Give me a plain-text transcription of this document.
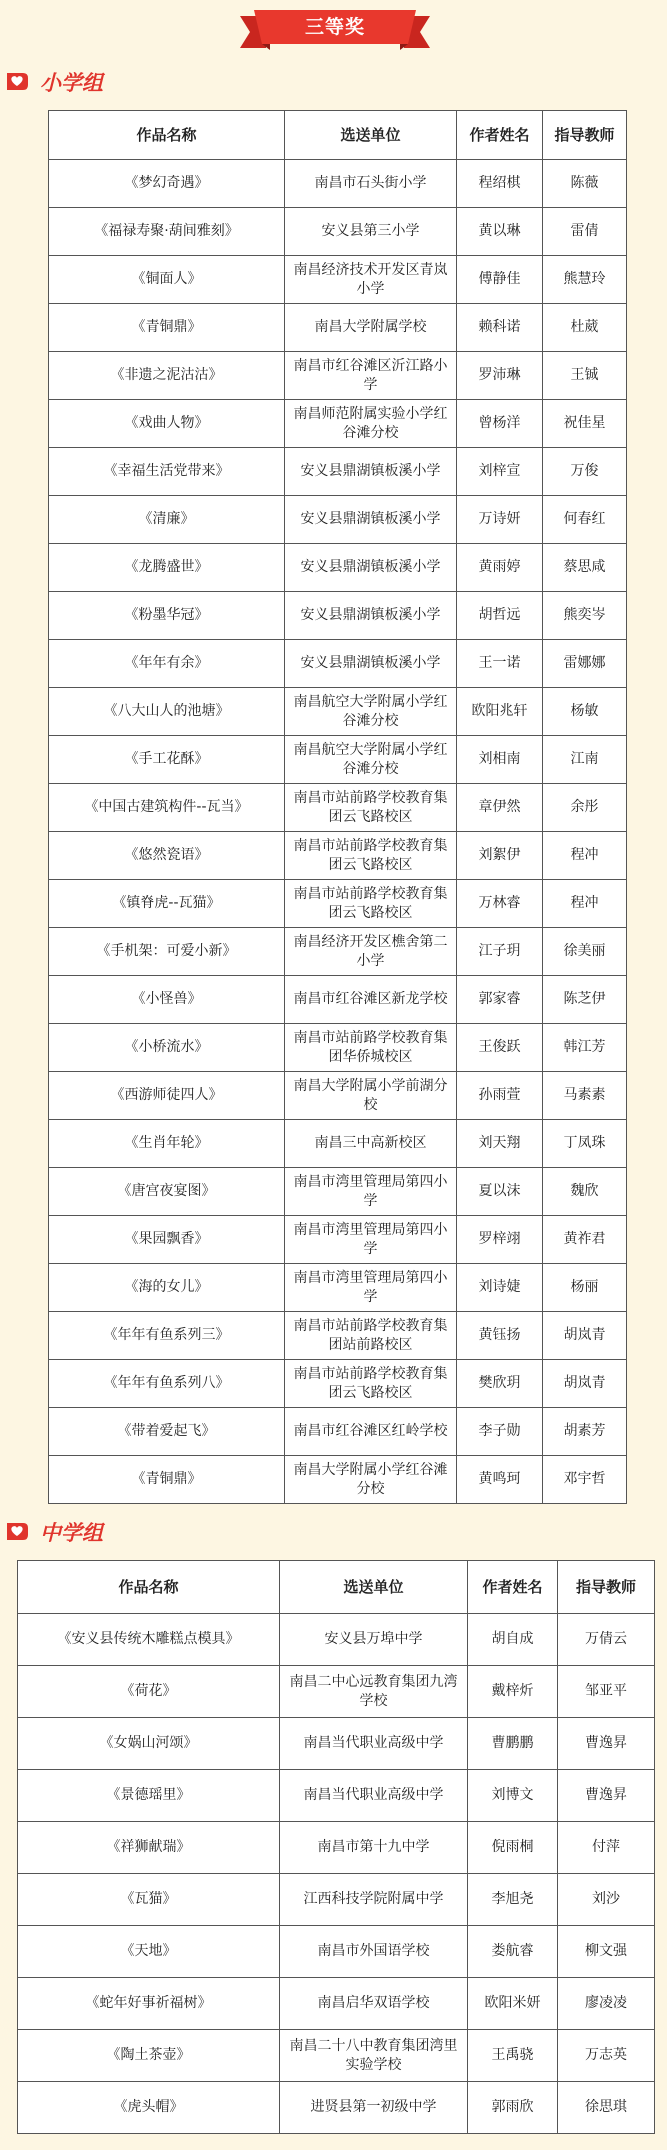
三等奖
小学组
作品名称	选送单位	作者姓名	指导教师
《梦幻奇遇》	南昌市石头街小学	程绍棋	陈薇
《福禄寿聚·葫间雅刻》	安义县第三小学	黄以琳	雷倩
《铜面人》	南昌经济技术开发区青岚小学	傅静佳	熊慧玲
《青铜鼎》	南昌大学附属学校	赖科诺	杜葳
《非遗之泥沽沽》	南昌市红谷滩区沂江路小学	罗沛琳	王铖
《戏曲人物》	南昌师范附属实验小学红谷滩分校	曾杨洋	祝佳星
《幸福生活党带来》	安义县鼎湖镇板溪小学	刘梓宣	万俊
《清廉》	安义县鼎湖镇板溪小学	万诗妍	何春红
《龙腾盛世》	安义县鼎湖镇板溪小学	黄雨婷	蔡思咸
《粉墨华冠》	安义县鼎湖镇板溪小学	胡哲远	熊奕岑
《年年有余》	安义县鼎湖镇板溪小学	王一诺	雷娜娜
《八大山人的池塘》	南昌航空大学附属小学红谷滩分校	欧阳兆轩	杨敏
《手工花酥》	南昌航空大学附属小学红谷滩分校	刘相南	江南
《中国古建筑构件--瓦当》	南昌市站前路学校教育集团云飞路校区	章伊然	余彤
《悠然瓷语》	南昌市站前路学校教育集团云飞路校区	刘絮伊	程冲
《镇脊虎--瓦猫》	南昌市站前路学校教育集团云飞路校区	万林睿	程冲
《手机架：可爱小新》	南昌经济开发区樵舍第二小学	江子玥	徐美丽
《小怪兽》	南昌市红谷滩区新龙学校	郭家睿	陈芝伊
《小桥流水》	南昌市站前路学校教育集团华侨城校区	王俊跃	韩江芳
《西游师徒四人》	南昌大学附属小学前湖分校	孙雨萱	马素素
《生肖年轮》	南昌三中高新校区	刘天翔	丁凤珠
《唐宫夜宴图》	南昌市湾里管理局第四小学	夏以沫	魏欣
《果园飘香》	南昌市湾里管理局第四小学	罗梓翊	黄祚君
《海的女儿》	南昌市湾里管理局第四小学	刘诗婕	杨丽
《年年有鱼系列三》	南昌市站前路学校教育集团站前路校区	黄钰扬	胡岚青
《年年有鱼系列八》	南昌市站前路学校教育集团云飞路校区	樊欣玥	胡岚青
《带着爱起飞》	南昌市红谷滩区红岭学校	李子勋	胡素芳
《青铜鼎》	南昌大学附属小学红谷滩分校	黄鸣珂	邓宇哲
中学组
作品名称	选送单位	作者姓名	指导教师
《安义县传统木雕糕点模具》	安义县万埠中学	胡自成	万倩云
《荷花》	南昌二中心远教育集团九湾学校	戴梓炘	邹亚平
《女娲山河颂》	南昌当代职业高级中学	曹鹏鹏	曹逸昇
《景德瑶里》	南昌当代职业高级中学	刘博文	曹逸昇
《祥狮献瑞》	南昌市第十九中学	倪雨桐	付萍
《瓦猫》	江西科技学院附属中学	李旭尧	刘沙
《天地》	南昌市外国语学校	娄航睿	柳文强
《蛇年好事祈福树》	南昌启华双语学校	欧阳米妍	廖凌凌
《陶土茶壶》	南昌二十八中教育集团湾里实验学校	王禹骁	万志英
《虎头帽》	进贤县第一初级中学	郭雨欣	徐思琪
